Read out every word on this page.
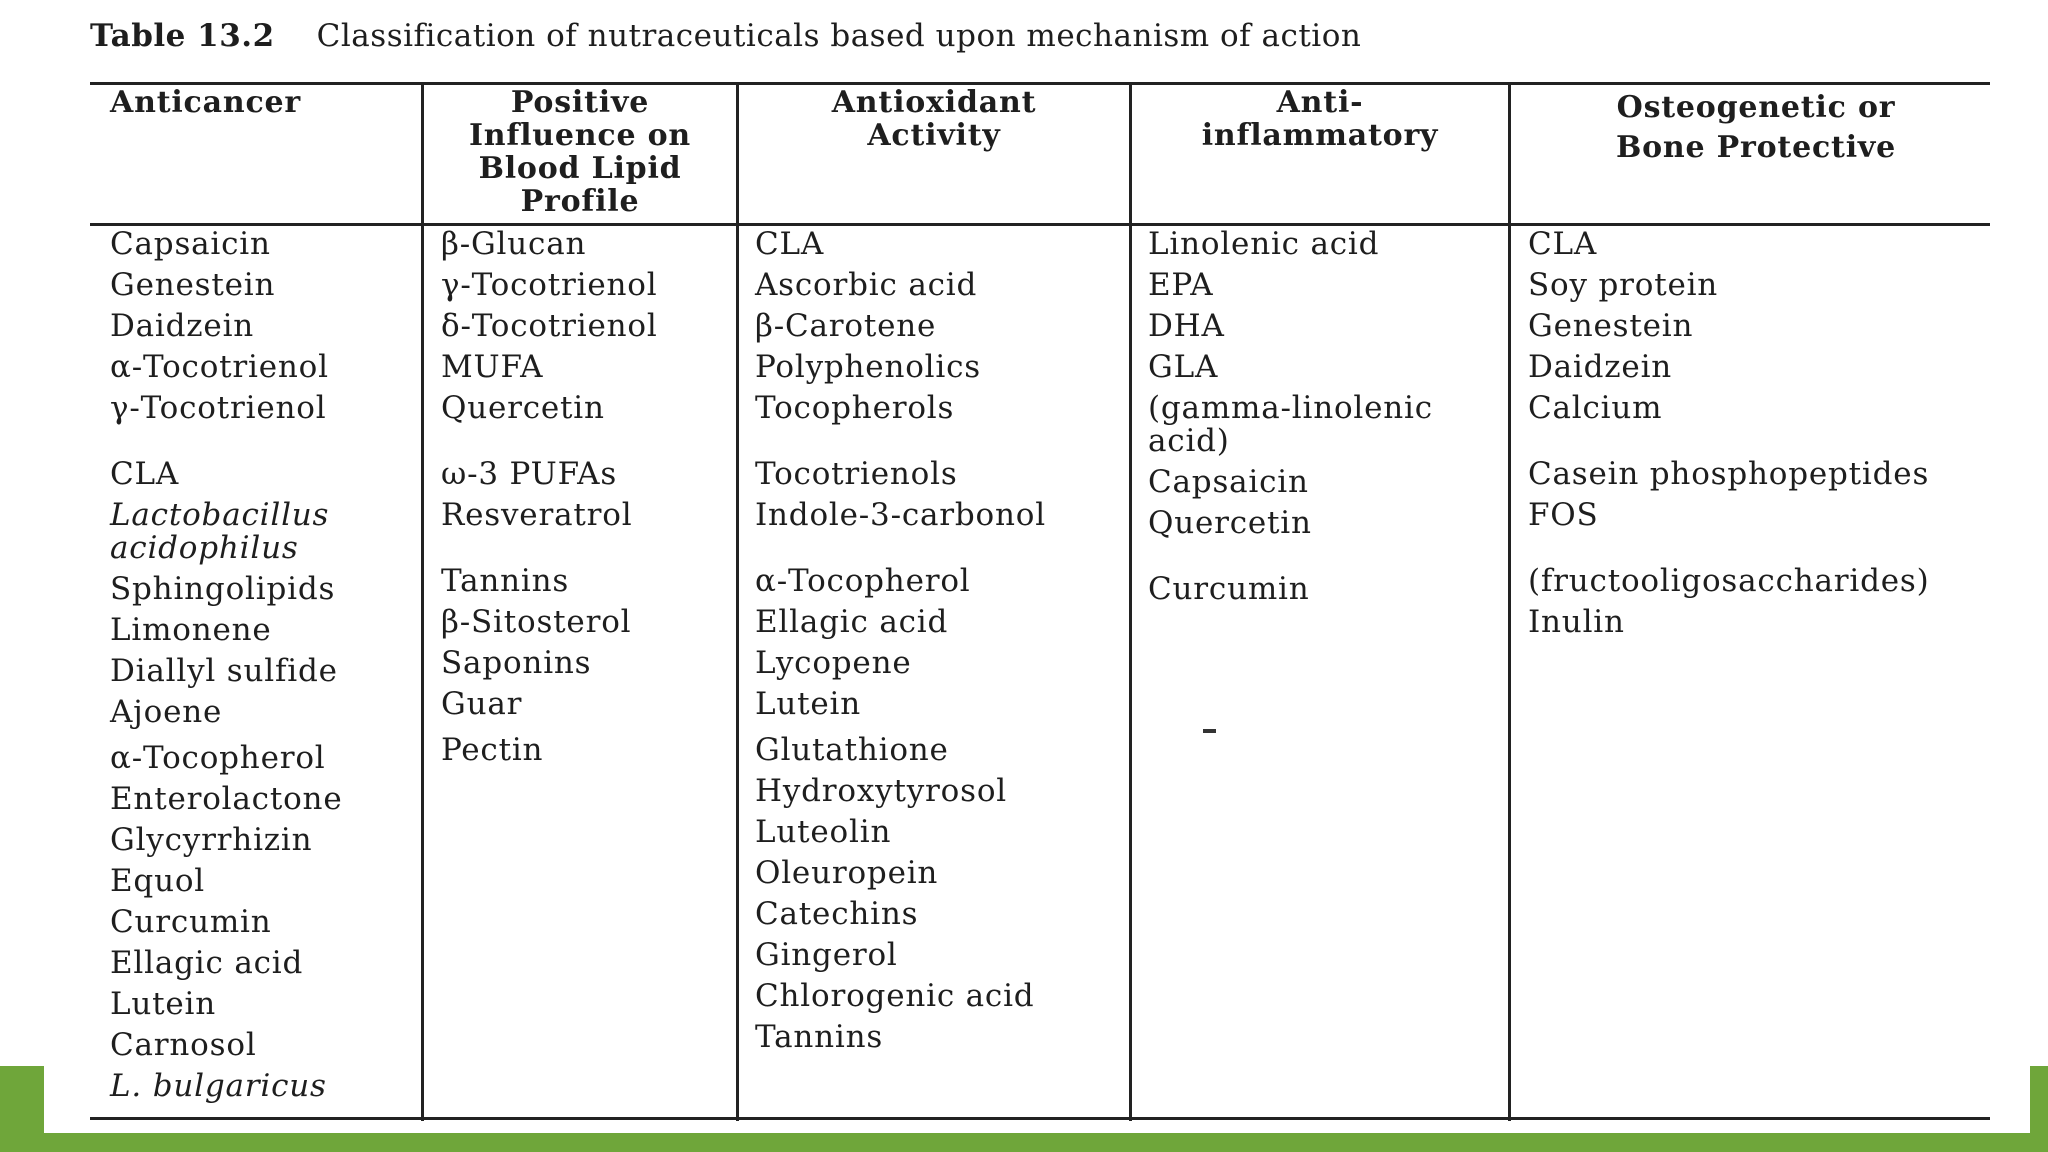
Table 13.2 Classification of nutraceuticals based upon mechanism of action
Anticancer	Positive
Influence on
Blood Lipid
Profile
Antioxidant
Activity
Anti-
inflammatory
Osteogenetic or
Bone Protective
Capsaicin
Genestein
Daidzein
α-Tocotrienol
γ-Tocotrienol
CLA
Lactobacillus acidophilus
Sphingolipids
Limonene
Diallyl sulfide
Ajoene
α-Tocopherol
Enterolactone
Glycyrrhizin
Equol
Curcumin
Ellagic acid
Lutein
Carnosol
L. bulgaricus
β-Glucan
γ-Tocotrienol
δ-Tocotrienol
MUFA
Quercetin
ω-3 PUFAs
Resveratrol
Tannins
β-Sitosterol
Saponins
Guar
Pectin
CLA
Ascorbic acid
β-Carotene
Polyphenolics
Tocopherols
Tocotrienols
Indole-3-carbonol
α-Tocopherol
Ellagic acid
Lycopene
Lutein
Glutathione
Hydroxytyrosol
Luteolin
Oleuropein
Catechins
Gingerol
Chlorogenic acid
Tannins
Linolenic acid
EPA
DHA
GLA
(gamma-linolenic acid)
Capsaicin
Quercetin
Curcumin
CLA
Soy protein
Genestein
Daidzein
Calcium
Casein phosphopeptides
FOS
(fructooligosaccharides)
Inulin
